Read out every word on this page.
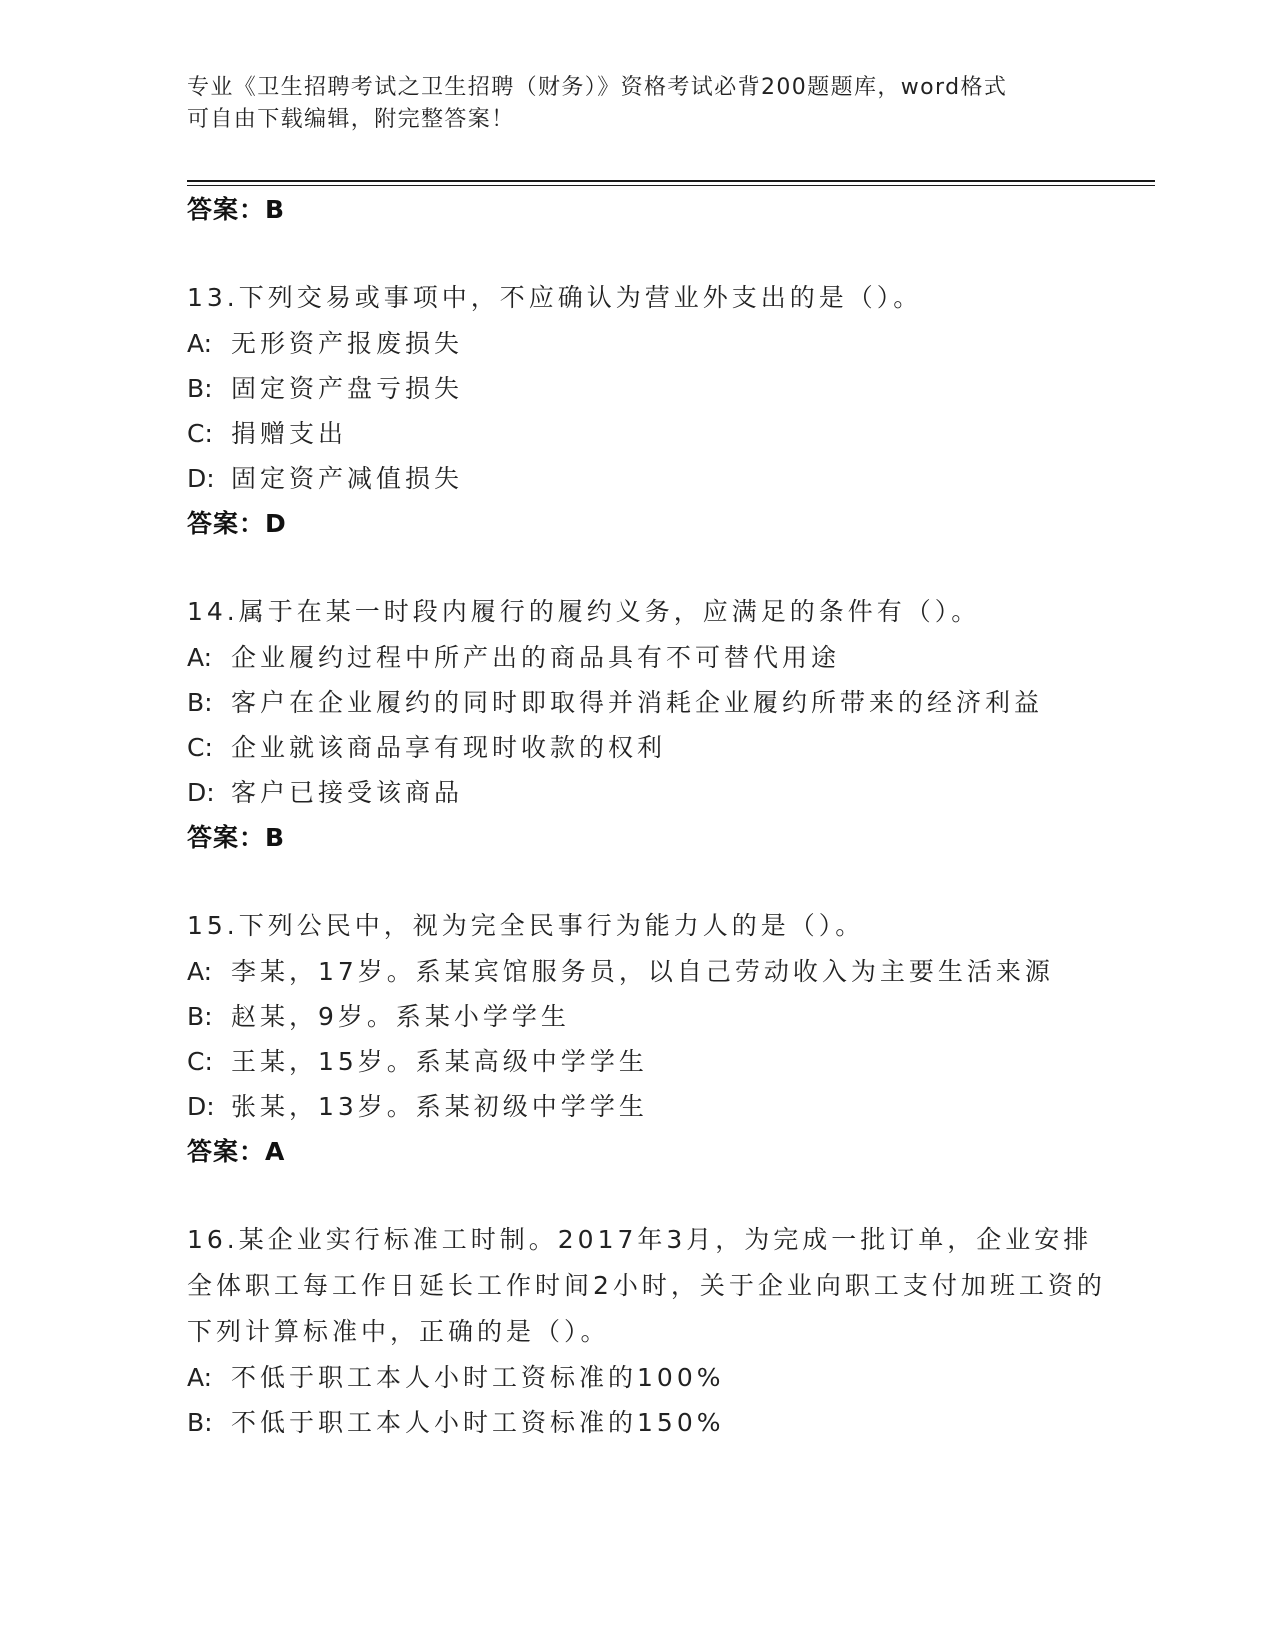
专业《卫生招聘考试之卫生招聘（财务）》资格考试必背200题题库，word格式
可自由下载编辑，附完整答案！
答案：B
13.下列交易或事项中，不应确认为营业外支出的是（）。
A: 无形资产报废损失
B: 固定资产盘亏损失
C: 捐赠支出
D: 固定资产减值损失
答案：D
14.属于在某一时段内履行的履约义务，应满足的条件有（）。
A: 企业履约过程中所产出的商品具有不可替代用途
B: 客户在企业履约的同时即取得并消耗企业履约所带来的经济利益
C: 企业就该商品享有现时收款的权利
D: 客户已接受该商品
答案：B
15.下列公民中，视为完全民事行为能力人的是（）。
A: 李某，17岁。系某宾馆服务员，以自己劳动收入为主要生活来源
B: 赵某，9岁。系某小学学生
C: 王某，15岁。系某高级中学学生
D: 张某，13岁。系某初级中学学生
答案：A
16.某企业实行标准工时制。2017年3月，为完成一批订单，企业安排全体职工每工作日延长工作时间2小时，关于企业向职工支付加班工资的下列计算标准中，正确的是（）。
A: 不低于职工本人小时工资标准的100%
B: 不低于职工本人小时工资标准的150%
